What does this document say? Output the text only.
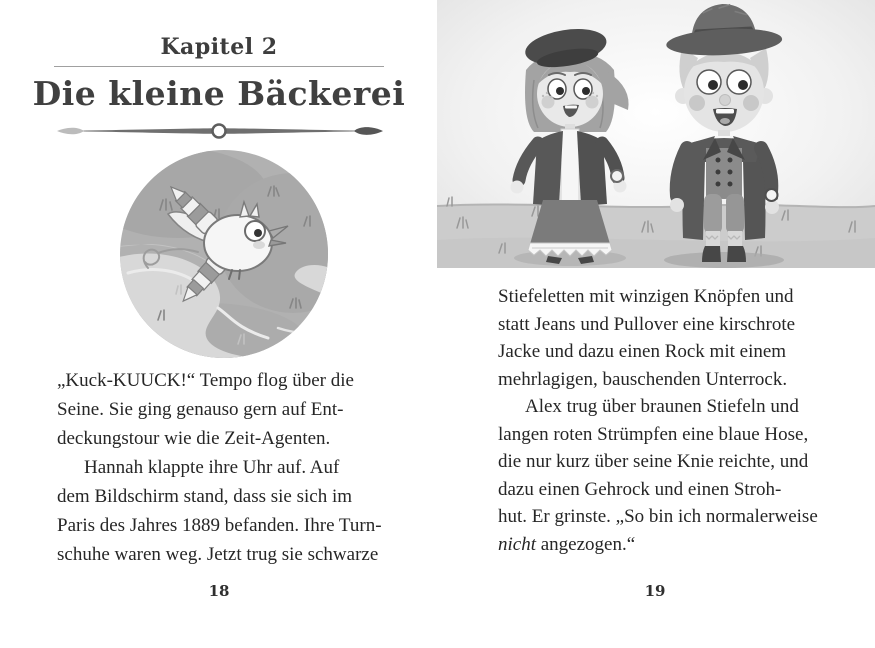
Kapitel 2
Die kleine Bäckerei
„Kuck-KUUCK!“ Tempo flog über die
Seine. Sie ging genauso gern auf Ent-
deckungstour wie die Zeit-Agenten.
Hannah klappte ihre Uhr auf. Auf
dem Bildschirm stand, dass sie sich im
Paris des Jahres 1889 befanden. Ihre Turn-
schuhe waren weg. Jetzt trug sie schwarze
18
Stiefeletten mit winzigen Knöpfen und
statt Jeans und Pullover eine kirschrote
Jacke und dazu einen Rock mit einem
mehrlagigen, bauschenden Unterrock.
Alex trug über braunen Stiefeln und
langen roten Strümpfen eine blaue Hose,
die nur kurz über seine Knie reichte, und
dazu einen Gehrock und einen Stroh-
hut. Er grinste. „So bin ich normalerweise
nicht angezogen.“
19
